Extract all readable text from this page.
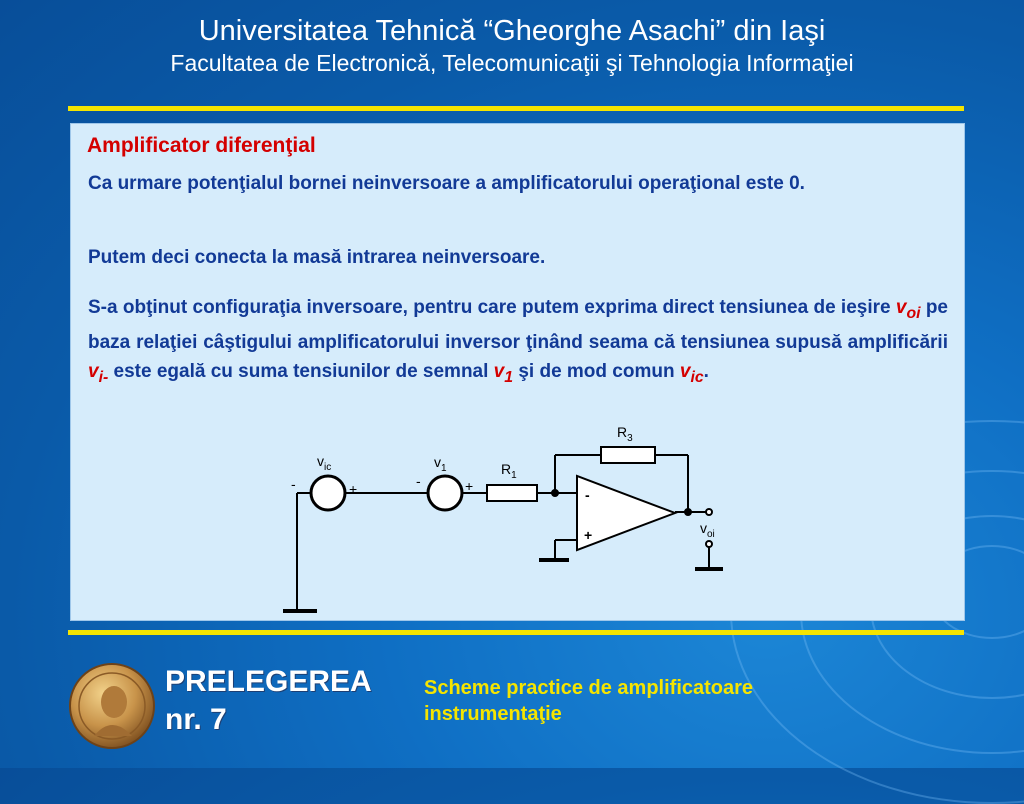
Universitatea Tehnică “Gheorghe Asachi” din Iaşi
Facultatea de Electronică, Telecomunicaţii şi Tehnologia Informaţiei
Amplificator diferenţial
Ca urmare potenţialul bornei neinversoare a amplificatorului operaţional este 0.
Putem deci conecta la masă intrarea neinversoare.
S-a obţinut configuraţia inversoare, pentru care putem exprima direct tensiunea de ieşire $v_{oi}$ pe baza relaţiei câştigului amplificatorului inversor ţinând seama că tensiunea supusă amplificării $v_{i-}$ este egală cu suma tensiunilor de semnal $v_1$ şi de mod comun $v_{ic}$.
$v_{ic}$
-	+
$v_1$
-	+
$R_1$
$R_3$
-
+	$v_{oi}$
PRELEGEREA
nr. 7
Scheme practice de amplificatoare
instrumentaţie
